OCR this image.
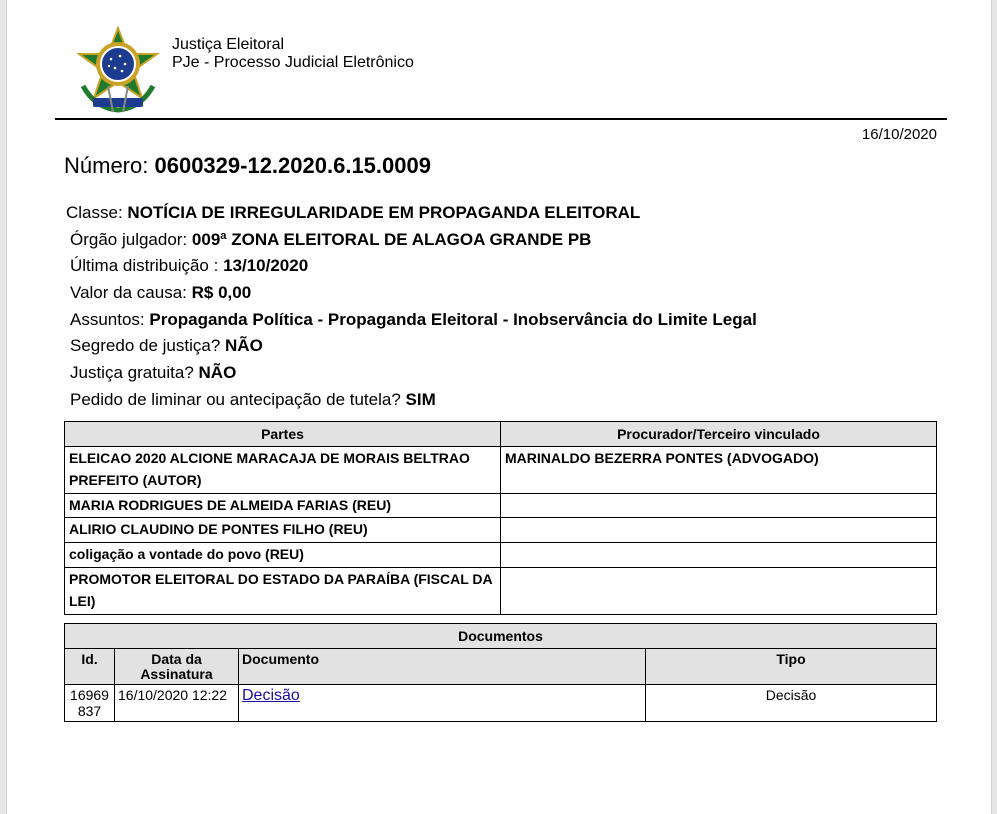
Justiça Eleitoral
PJe - Processo Judicial Eletrônico
16/10/2020
Número: 0600329-12.2020.6.15.0009
Classe: NOTÍCIA DE IRREGULARIDADE EM PROPAGANDA ELEITORAL
Órgão julgador: 009ª ZONA ELEITORAL DE ALAGOA GRANDE PB
Última distribuição : 13/10/2020
Valor da causa: R$ 0,00
Assuntos: Propaganda Política - Propaganda Eleitoral - Inobservância do Limite Legal
Segredo de justiça? NÃO
Justiça gratuita? NÃO
Pedido de liminar ou antecipação de tutela? SIM
Partes	Procurador/Terceiro vinculado
ELEICAO 2020 ALCIONE MARACAJA DE MORAIS BELTRAO PREFEITO (AUTOR)	MARINALDO BEZERRA PONTES (ADVOGADO)
MARIA RODRIGUES DE ALMEIDA FARIAS (REU)	
ALIRIO CLAUDINO DE PONTES FILHO (REU)	
coligação a vontade do povo (REU)	
PROMOTOR ELEITORAL DO ESTADO DA PARAÍBA (FISCAL DA LEI)	
Documentos			
Id.	Data da Assinatura	Documento	Tipo
16969 837	16/10/2020 12:22	Decisão	Decisão
